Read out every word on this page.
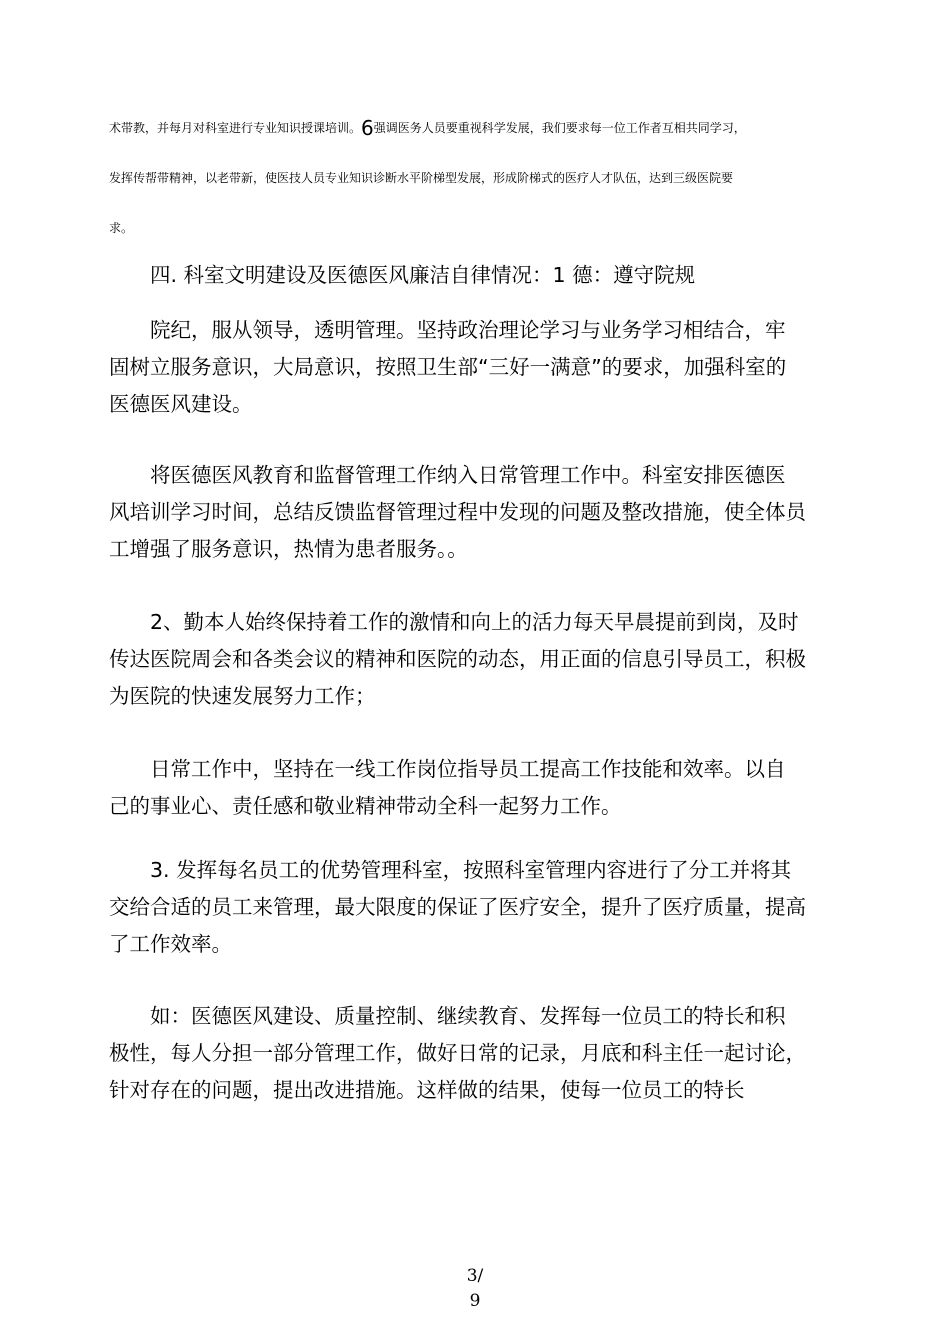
术带教，并每月对科室进行专业知识授课培训。6强调医务人员要重视科学发展，我们要求每一位工作者互相共同学习，
发挥传帮带精神，以老带新，使医技人员专业知识诊断水平阶梯型发展，形成阶梯式的医疗人才队伍，达到三级医院要
求。

　　四. 科室文明建设及医德医风廉洁自律情况：1 德：遵守院规

　　院纪，服从领导，透明管理。坚持政治理论学习与业务学习相结合，牢
固树立服务意识，大局意识，按照卫生部“三好一满意”的要求，加强科室的
医德医风建设。

　　将医德医风教育和监督管理工作纳入日常管理工作中。科室安排医德医
风培训学习时间，总结反馈监督管理过程中发现的问题及整改措施，使全体员
工增强了服务意识，热情为患者服务。。

　　2、勤本人始终保持着工作的激情和向上的活力每天早晨提前到岗，及时
传达医院周会和各类会议的精神和医院的动态，用正面的信息引导员工，积极
为医院的快速发展努力工作；

　　日常工作中，坚持在一线工作岗位指导员工提高工作技能和效率。以自
己的事业心、责任感和敬业精神带动全科一起努力工作。

　　3. 发挥每名员工的优势管理科室，按照科室管理内容进行了分工并将其
交给合适的员工来管理，最大限度的保证了医疗安全，提升了医疗质量，提高
了工作效率。

　　如：医德医风建设、质量控制、继续教育、发挥每一位员工的特长和积
极性，每人分担一部分管理工作，做好日常的记录，月底和科主任一起讨论，
针对存在的问题，提出改进措施。这样做的结果，使每一位员工的特长

3/
9
